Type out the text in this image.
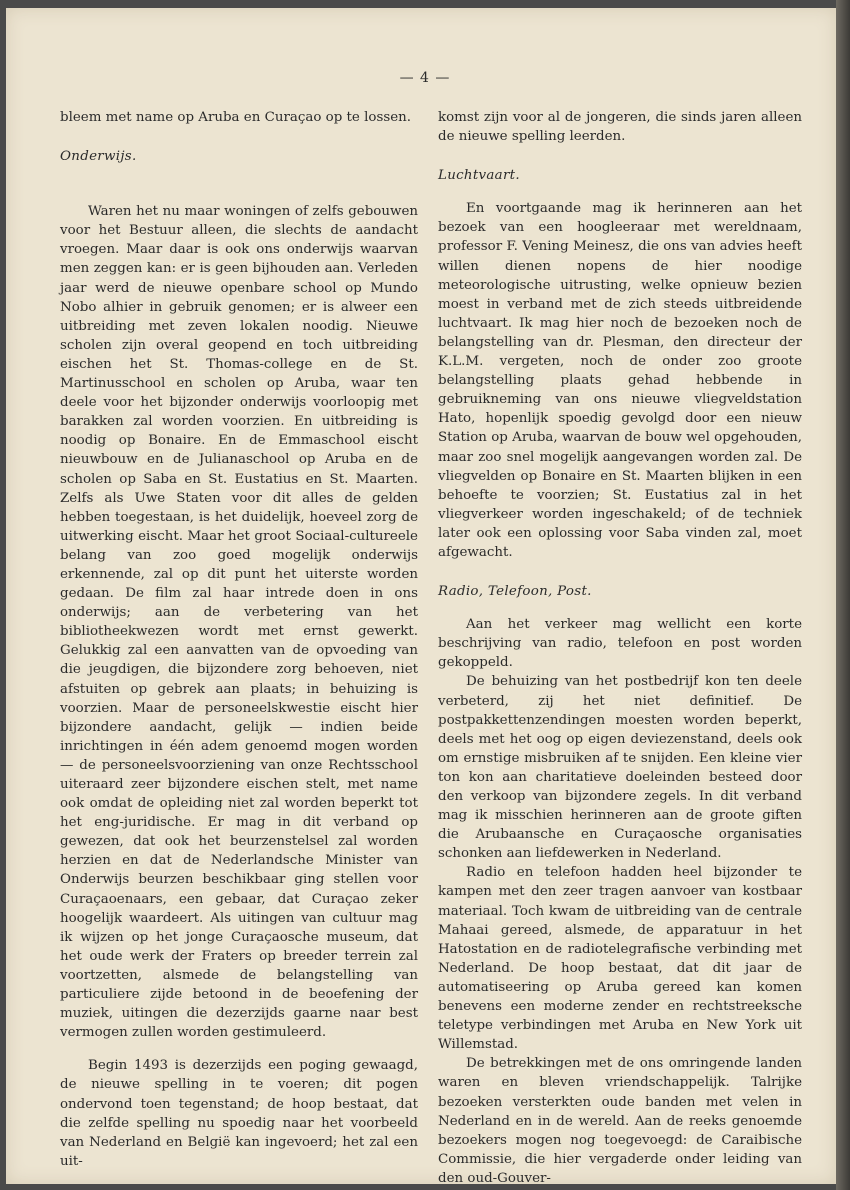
— 4 —

bleem met name op Aruba en Curaçao op te lossen.

Onderwijs.

Waren het nu maar woningen of zelfs gebouwen voor het Bestuur alleen, die slechts de aandacht vroegen. Maar daar is ook ons onderwijs waarvan men zeggen kan: er is geen bijhouden aan. Verleden jaar werd de nieuwe openbare school op Mundo Nobo alhier in gebruik genomen; er is alweer een uitbreiding met zeven lokalen noodig. Nieuwe scholen zijn overal geopend en toch uitbreiding eischen het St. Thomas-college en de St. Martinusschool en scholen op Aruba, waar ten deele voor het bijzonder onderwijs voorloopig met barakken zal worden voorzien. En uitbreiding is noodig op Bonaire. En de Emmaschool eischt nieuwbouw en de Julianaschool op Aruba en de scholen op Saba en St. Eustatius en St. Maarten. Zelfs als Uwe Staten voor dit alles de gelden hebben toegestaan, is het duidelijk, hoeveel zorg de uitwerking eischt. Maar het groot Sociaal-cultureele belang van zoo goed mogelijk onderwijs erkennende, zal op dit punt het uiterste worden gedaan. De film zal haar intrede doen in ons onderwijs; aan de verbetering van het bibliotheekwezen wordt met ernst gewerkt. Gelukkig zal een aanvatten van de opvoeding van die jeugdigen, die bijzondere zorg behoeven, niet afstuiten op gebrek aan plaats; in behuizing is voorzien. Maar de personeelskwestie eischt hier bijzondere aandacht, gelijk — indien beide inrichtingen in één adem genoemd mogen worden — de personeelsvoorziening van onze Rechtsschool uiteraard zeer bijzondere eischen stelt, met name ook omdat de opleiding niet zal worden beperkt tot het eng-juridische. Er mag in dit verband op gewezen, dat ook het beurzenstelsel zal worden herzien en dat de Nederlandsche Minister van Onderwijs beurzen beschikbaar ging stellen voor Curaçaoenaars, een gebaar, dat Curaçao zeker hoogelijk waardeert. Als uitingen van cultuur mag ik wijzen op het jonge Curaçaosche museum, dat het oude werk der Fraters op breeder terrein zal voortzetten, alsmede de belangstelling van particuliere zijde betoond in de beoefening der muziek, uitingen die dezerzijds gaarne naar best vermogen zullen worden gestimuleerd.

Begin 1493 is dezerzijds een poging gewaagd, de nieuwe spelling in te voeren; dit pogen ondervond toen tegenstand; de hoop bestaat, dat die zelfde spelling nu spoedig naar het voorbeeld van Nederland en België kan ingevoerd; het zal een uit-

komst zijn voor al de jongeren, die sinds jaren alleen de nieuwe spelling leerden.

Luchtvaart.

En voortgaande mag ik herinneren aan het bezoek van een hoogleeraar met wereldnaam, professor F. Vening Meinesz, die ons van advies heeft willen dienen nopens de hier noodige meteorologische uitrusting, welke opnieuw bezien moest in verband met de zich steeds uitbreidende luchtvaart. Ik mag hier noch de bezoeken noch de belangstelling van dr. Plesman, den directeur der K.L.M. vergeten, noch de onder zoo groote belangstelling plaats gehad hebbende in gebruikneming van ons nieuwe vliegveldstation Hato, hopenlijk spoedig gevolgd door een nieuw Station op Aruba, waarvan de bouw wel opgehouden, maar zoo snel mogelijk aangevangen worden zal. De vliegvelden op Bonaire en St. Maarten blijken in een behoefte te voorzien; St. Eustatius zal in het vliegverkeer worden ingeschakeld; of de techniek later ook een oplossing voor Saba vinden zal, moet afgewacht.

Radio, Telefoon, Post.

Aan het verkeer mag wellicht een korte beschrijving van radio, telefoon en post worden gekoppeld.

De behuizing van het postbedrijf kon ten deele verbeterd, zij het niet definitief. De postpakkettenzendingen moesten worden beperkt, deels met het oog op eigen deviezenstand, deels ook om ernstige misbruiken af te snijden. Een kleine vier ton kon aan charitatieve doeleinden besteed door den verkoop van bijzondere zegels. In dit verband mag ik misschien herinneren aan de groote giften die Arubaansche en Curaçaosche organisaties schonken aan liefdewerken in Nederland.

Radio en telefoon hadden heel bijzonder te kampen met den zeer tragen aanvoer van kostbaar materiaal. Toch kwam de uitbreiding van de centrale Mahaai gereed, alsmede, de apparatuur in het Hatostation en de radiotelegrafische verbinding met Nederland. De hoop bestaat, dat dit jaar de automatiseering op Aruba gereed kan komen benevens een moderne zender en rechtstreeksche teletype verbindingen met Aruba en New York uit Willemstad.

De betrekkingen met de ons omringende landen waren en bleven vriendschappelijk. Talrijke bezoeken versterkten oude banden met velen in Nederland en in de wereld. Aan de reeks genoemde bezoekers mogen nog toegevoegd: de Caraibische Commissie, die hier vergaderde onder leiding van den oud-Gouver-
